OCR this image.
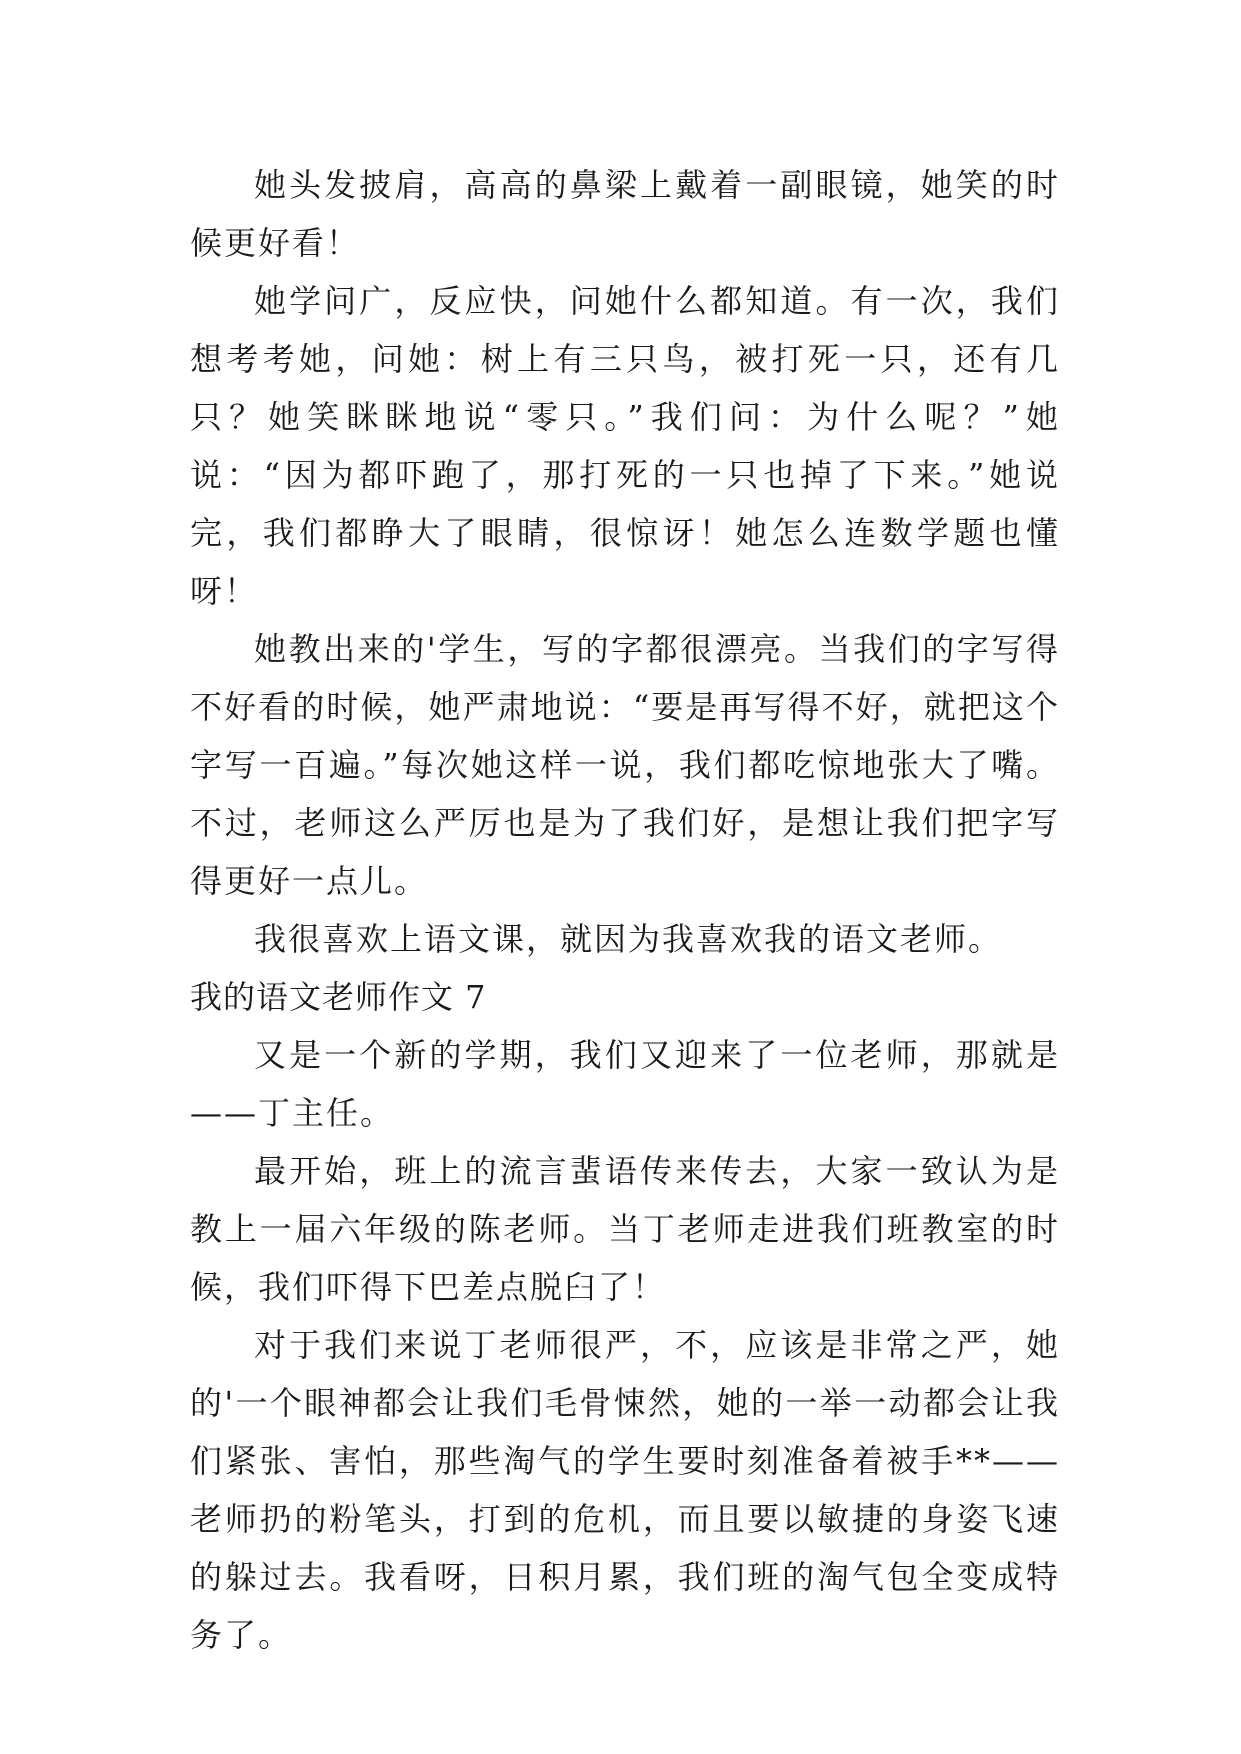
她头发披肩，高高的鼻梁上戴着一副眼镜，她笑的时候更好看！

她学问广，反应快，问她什么都知道。有一次，我们想考考她，问她：树上有三只鸟，被打死一只，还有几只？她笑眯眯地说“零只。”我们问：为什么呢？”她说：“因为都吓跑了，那打死的一只也掉了下来。”她说完，我们都睁大了眼睛，很惊讶！她怎么连数学题也懂呀！

她教出来的'学生，写的字都很漂亮。当我们的字写得不好看的时候，她严肃地说：“要是再写得不好，就把这个字写一百遍。”每次她这样一说，我们都吃惊地张大了嘴。不过，老师这么严厉也是为了我们好，是想让我们把字写得更好一点儿。

我很喜欢上语文课，就因为我喜欢我的语文老师。

我的语文老师作文 7

又是一个新的学期，我们又迎来了一位老师，那就是——丁主任。

最开始，班上的流言蜚语传来传去，大家一致认为是教上一届六年级的陈老师。当丁老师走进我们班教室的时候，我们吓得下巴差点脱臼了！

对于我们来说丁老师很严，不，应该是非常之严，她的'一个眼神都会让我们毛骨悚然，她的一举一动都会让我们紧张、害怕，那些淘气的学生要时刻准备着被手**——老师扔的粉笔头，打到的危机，而且要以敏捷的身姿飞速的躲过去。我看呀，日积月累，我们班的淘气包全变成特务了。
